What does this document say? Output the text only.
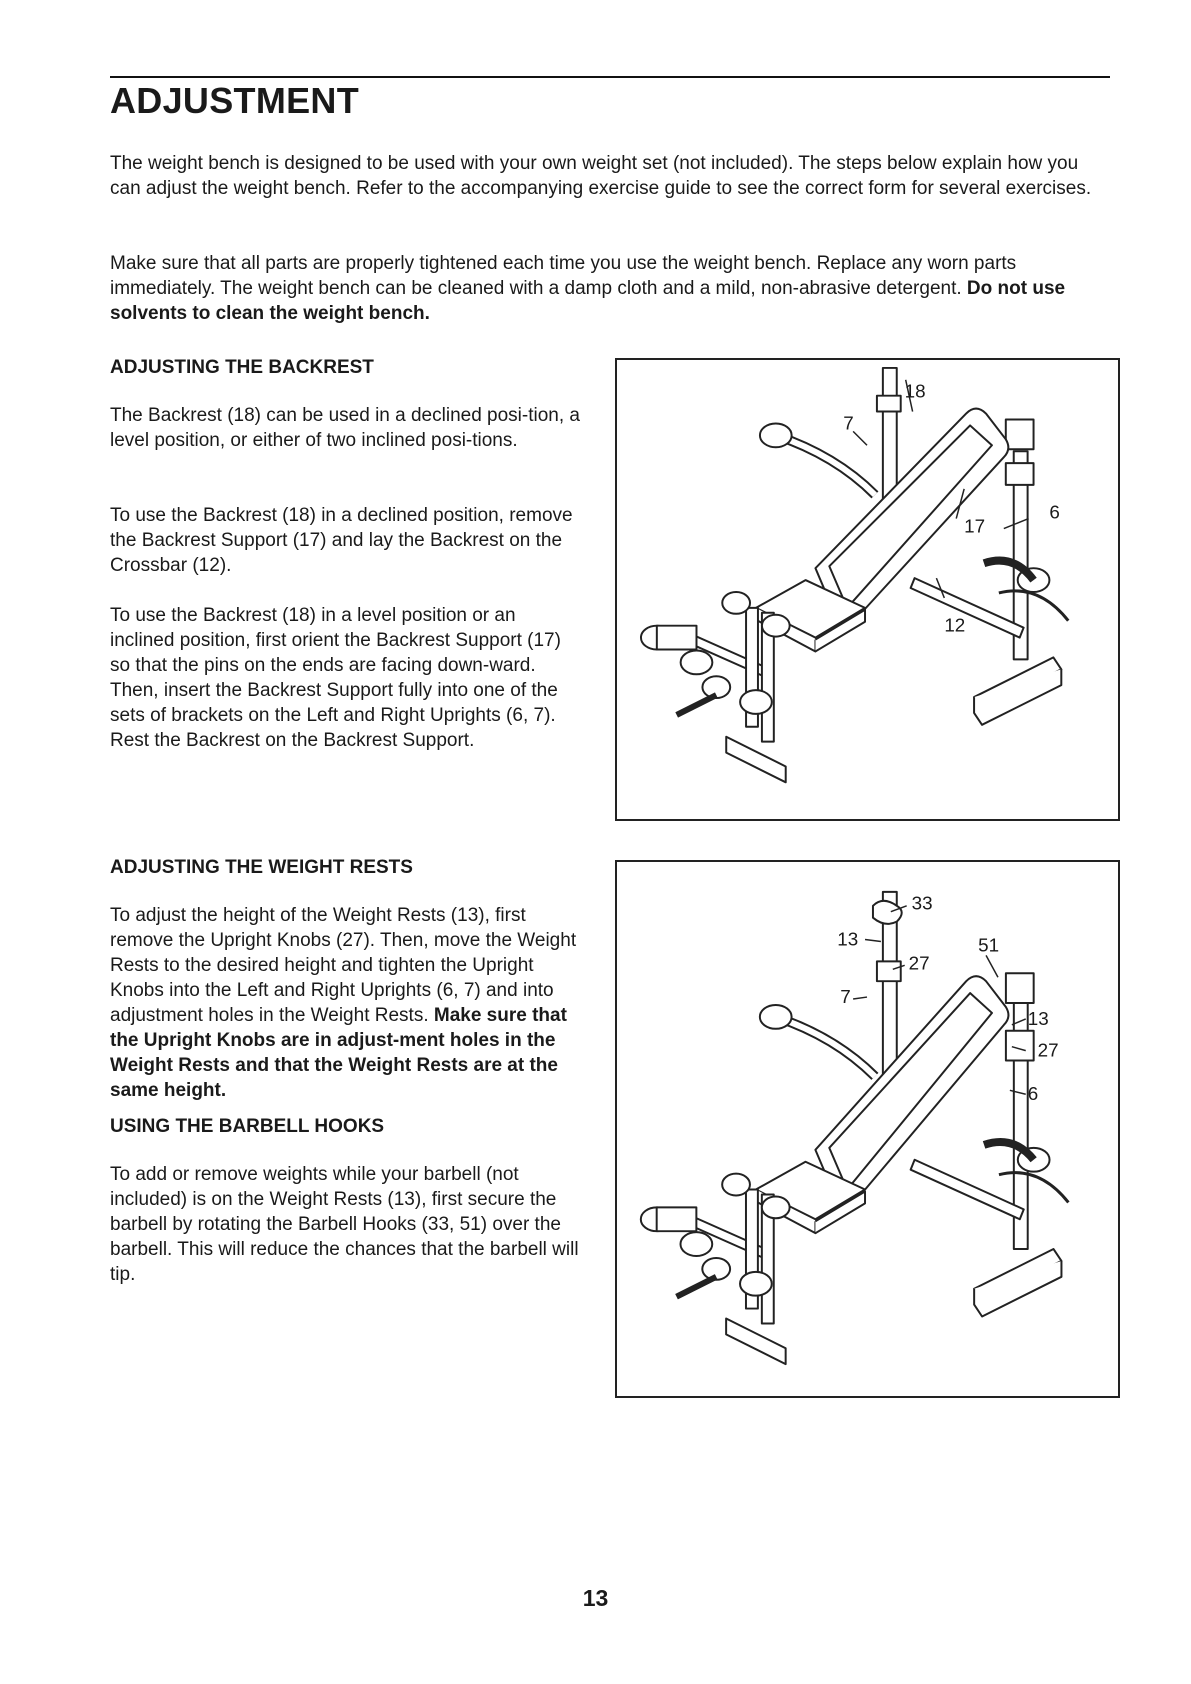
ADJUSTMENT

The weight bench is designed to be used with your own weight set (not included). The steps below explain how you can adjust the weight bench. Refer to the accompanying exercise guide to see the correct form for several exercises.

Make sure that all parts are properly tightened each time you use the weight bench. Replace any worn parts immediately. The weight bench can be cleaned with a damp cloth and a mild, non-abrasive detergent. Do not use solvents to clean the weight bench.

ADJUSTING THE BACKREST

The Backrest (18) can be used in a declined posi-tion, a level position, or either of two inclined posi-tions.

To use the Backrest (18) in a declined position, remove the Backrest Support (17) and lay the Backrest on the Crossbar (12).

To use the Backrest (18) in a level position or an inclined position, first orient the Backrest Support (17) so that the pins on the ends are facing down-ward. Then, insert the Backrest Support fully into one of the sets of brackets on the Left and Right Uprights (6, 7). Rest the Backrest on the Backrest Support.

ADJUSTING THE WEIGHT RESTS

To adjust the height of the Weight Rests (13), first remove the Upright Knobs (27). Then, move the Weight Rests to the desired height and tighten the Upright Knobs into the Left and Right Uprights (6, 7) and into adjustment holes in the Weight Rests. Make sure that the Upright Knobs are in adjust-ment holes in the Weight Rests and that the Weight Rests are at the same height.

USING THE BARBELL HOOKS

To add or remove weights while your barbell (not included) is on the Weight Rests (13), first secure the barbell by rotating the Barbell Hooks (33, 51) over the barbell. This will reduce the chances that the barbell will tip.

18
7
17
6
12
33
13
27
7
51
13
27
6

13
